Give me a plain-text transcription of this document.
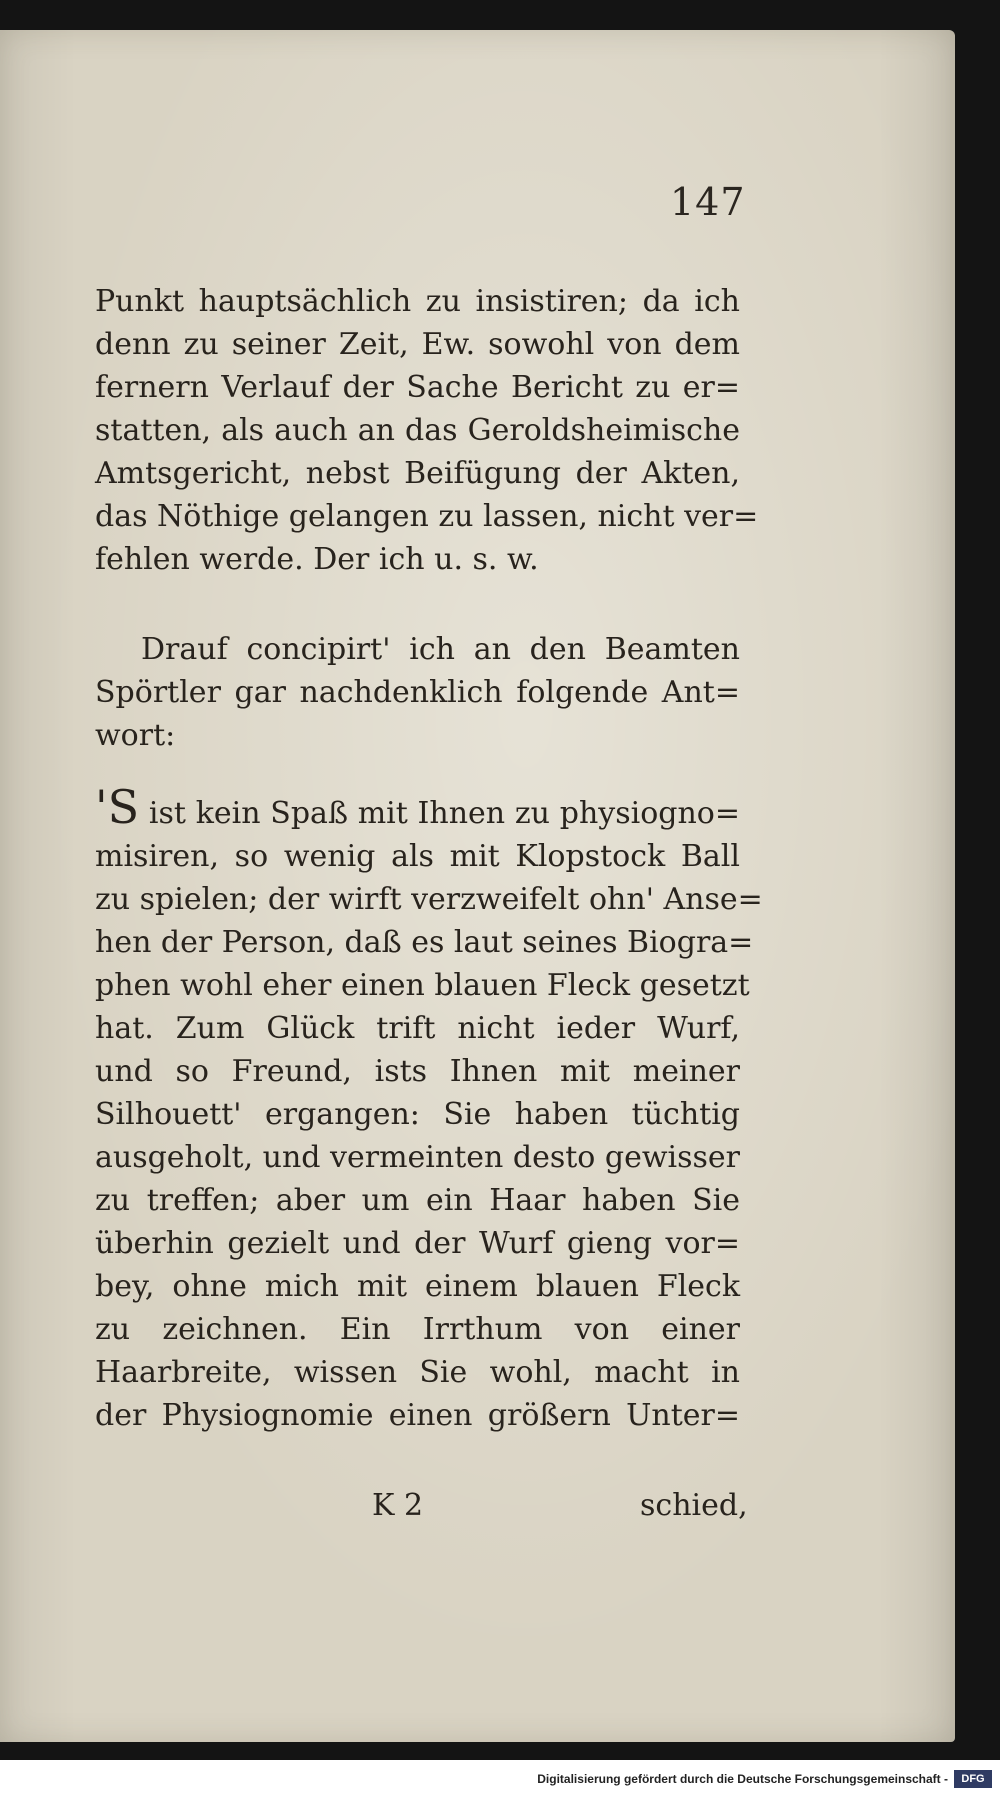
147

Punkt hauptsächlich zu insistiren; da ich

denn zu seiner Zeit, Ew. sowohl von dem

fernern Verlauf der Sache Bericht zu er=

statten, als auch an das Geroldsheimische

Amtsgericht, nebst Beifügung der Akten,

das Nöthige gelangen zu lassen, nicht ver=

fehlen werde. Der ich u. s. w.

Drauf concipirt' ich an den Beamten

Spörtler gar nachdenklich folgende Ant=

wort:

'S ist kein Spaß mit Ihnen zu physiogno=

misiren, so wenig als mit Klopstock Ball

zu spielen; der wirft verzweifelt ohn' Anse=

hen der Person, daß es laut seines Biogra=

phen wohl eher einen blauen Fleck gesetzt

hat. Zum Glück trift nicht ieder Wurf,

und so Freund, ists Ihnen mit meiner

Silhouett' ergangen: Sie haben tüchtig

ausgeholt, und vermeinten desto gewisser

zu treffen; aber um ein Haar haben Sie

überhin gezielt und der Wurf gieng vor=

bey, ohne mich mit einem blauen Fleck

zu zeichnen. Ein Irrthum von einer

Haarbreite, wissen Sie wohl, macht in

der Physiognomie einen größern Unter=

K 2	schied,
Digitalisierung gefördert durch die Deutsche Forschungsgemeinschaft -	DFG
